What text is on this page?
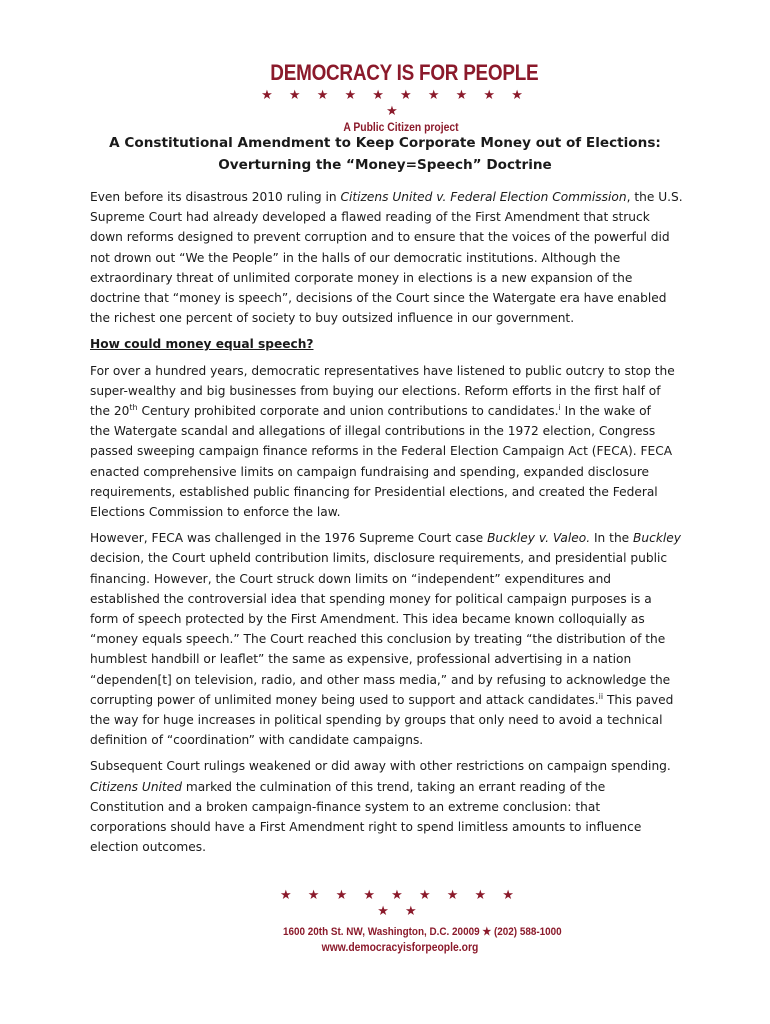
DEMOCRACY IS FOR PEOPLE
★ ★ ★ ★ ★ ★ ★ ★ ★ ★ ★
A Public Citizen project
A Constitutional Amendment to Keep Corporate Money out of Elections:
Overturning the “Money=Speech” Doctrine
Even before its disastrous 2010 ruling in Citizens United v. Federal Election Commission, the U.S.
Supreme Court had already developed a flawed reading of the First Amendment that struck
down reforms designed to prevent corruption and to ensure that the voices of the powerful did
not drown out “We the People” in the halls of our democratic institutions. Although the
extraordinary threat of unlimited corporate money in elections is a new expansion of the
doctrine that “money is speech”, decisions of the Court since the Watergate era have enabled
the richest one percent of society to buy outsized influence in our government.
How could money equal speech?
For over a hundred years, democratic representatives have listened to public outcry to stop the
super-wealthy and big businesses from buying our elections. Reform efforts in the first half of
the 20th Century prohibited corporate and union contributions to candidates.$^i$ In the wake of
the Watergate scandal and allegations of illegal contributions in the 1972 election, Congress
passed sweeping campaign finance reforms in the Federal Election Campaign Act (FECA). FECA
enacted comprehensive limits on campaign fundraising and spending, expanded disclosure
requirements, established public financing for Presidential elections, and created the Federal
Elections Commission to enforce the law.
However, FECA was challenged in the 1976 Supreme Court case Buckley v. Valeo. In the Buckley
decision, the Court upheld contribution limits, disclosure requirements, and presidential public
financing. However, the Court struck down limits on “independent” expenditures and
established the controversial idea that spending money for political campaign purposes is a
form of speech protected by the First Amendment. This idea became known colloquially as
“money equals speech.” The Court reached this conclusion by treating “the distribution of the
humblest handbill or leaflet” the same as expensive, professional advertising in a nation
“dependen[t] on television, radio, and other mass media,” and by refusing to acknowledge the
corrupting power of unlimited money being used to support and attack candidates.$^{ii}$ This paved
the way for huge increases in political spending by groups that only need to avoid a technical
definition of “coordination” with candidate campaigns.
Subsequent Court rulings weakened or did away with other restrictions on campaign spending.
Citizens United marked the culmination of this trend, taking an errant reading of the
Constitution and a broken campaign-finance system to an extreme conclusion: that
corporations should have a First Amendment right to spend limitless amounts to influence
election outcomes.
★ ★ ★ ★ ★ ★ ★ ★ ★ ★ ★
1600 20th St. NW, Washington, D.C. 20009 ★ (202) 588-1000
www.democracyisforpeople.org
